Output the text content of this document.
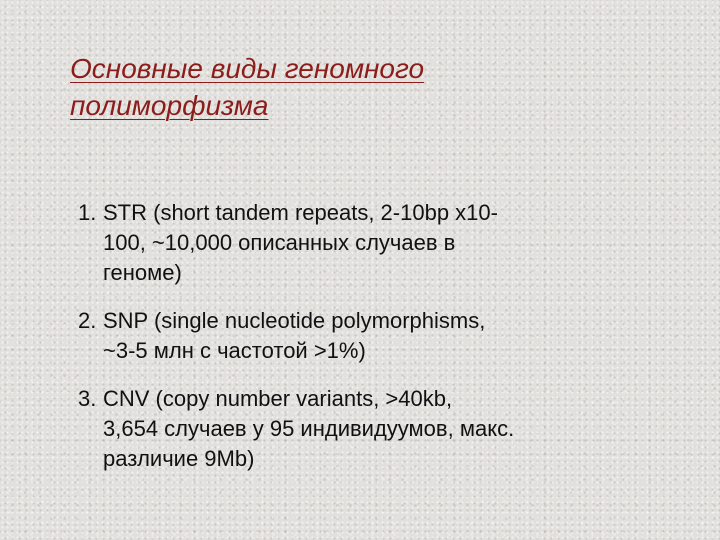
Основные виды геномного
полиморфизма
1. STR (short tandem repeats, 2-10bp x10-
100, ~10,000 описанных случаев в
геноме)
2. SNP (single nucleotide polymorphisms,
~3-5 млн с частотой >1%)
3. CNV (copy number variants, >40kb,
3,654 случаев у 95 индивидуумов, макс.
различие 9Mb)
